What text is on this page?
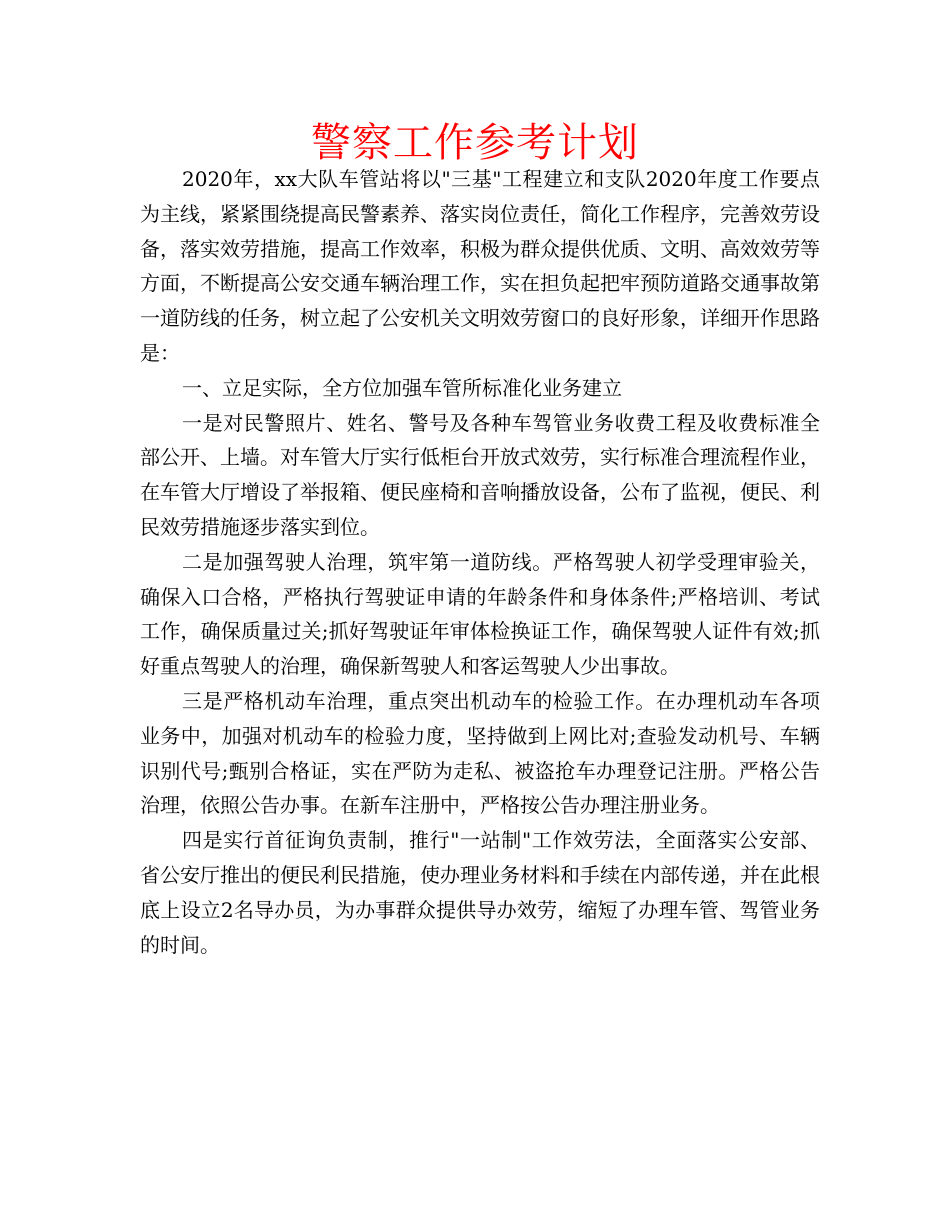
警察工作参考计划

2020年，xx大队车管站将以"三基"工程建立和支队2020年度工作要点为主线，紧紧围绕提高民警素养、落实岗位责任，简化工作程序，完善效劳设备，落实效劳措施，提高工作效率，积极为群众提供优质、文明、高效效劳等方面，不断提高公安交通车辆治理工作，实在担负起把牢预防道路交通事故第一道防线的任务，树立起了公安机关文明效劳窗口的良好形象，详细开作思路是：

一、立足实际，全方位加强车管所标准化业务建立

一是对民警照片、姓名、警号及各种车驾管业务收费工程及收费标准全部公开、上墙。对车管大厅实行低柜台开放式效劳，实行标准合理流程作业，在车管大厅增设了举报箱、便民座椅和音响播放设备，公布了监视，便民、利民效劳措施逐步落实到位。

二是加强驾驶人治理，筑牢第一道防线。严格驾驶人初学受理审验关，确保入口合格，严格执行驾驶证申请的年龄条件和身体条件;严格培训、考试工作，确保质量过关;抓好驾驶证年审体检换证工作，确保驾驶人证件有效;抓好重点驾驶人的治理，确保新驾驶人和客运驾驶人少出事故。

三是严格机动车治理，重点突出机动车的检验工作。在办理机动车各项业务中，加强对机动车的检验力度，坚持做到上网比对;查验发动机号、车辆识别代号;甄别合格证，实在严防为走私、被盗抢车办理登记注册。严格公告治理，依照公告办事。在新车注册中，严格按公告办理注册业务。

四是实行首征询负责制，推行"一站制"工作效劳法，全面落实公安部、省公安厅推出的便民利民措施，使办理业务材料和手续在内部传递，并在此根底上设立2名导办员，为办事群众提供导办效劳，缩短了办理车管、驾管业务的时间。
